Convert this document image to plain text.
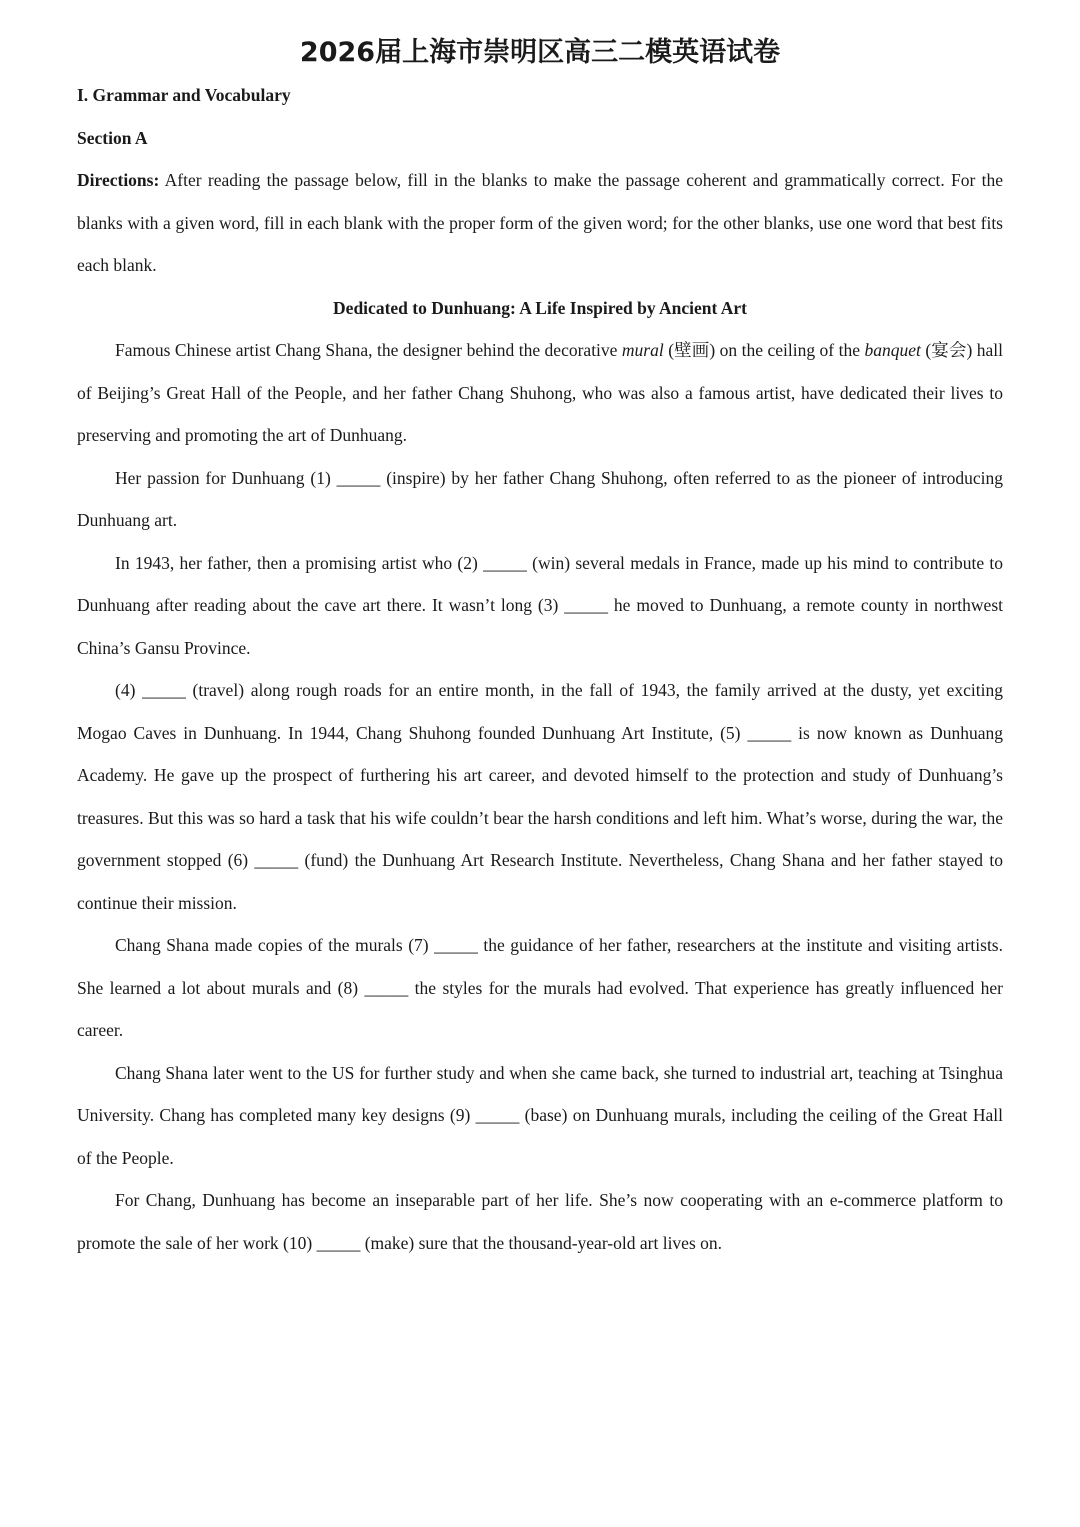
2026届上海市崇明区高三二模英语试卷

I. Grammar and Vocabulary

Section A

Directions: After reading the passage below, fill in the blanks to make the passage coherent and grammatically correct. For the blanks with a given word, fill in each blank with the proper form of the given word; for the other blanks, use one word that best fits each blank.

Dedicated to Dunhuang: A Life Inspired by Ancient Art

Famous Chinese artist Chang Shana, the designer behind the decorative mural (壁画) on the ceiling of the banquet (宴会) hall of Beijing’s Great Hall of the People, and her father Chang Shuhong, who was also a famous artist, have dedicated their lives to preserving and promoting the art of Dunhuang.

Her passion for Dunhuang (1) _____ (inspire) by her father Chang Shuhong, often referred to as the pioneer of introducing Dunhuang art.

In 1943, her father, then a promising artist who (2) _____ (win) several medals in France, made up his mind to contribute to Dunhuang after reading about the cave art there. It wasn’t long (3) _____ he moved to Dunhuang, a remote county in northwest China’s Gansu Province.

(4) _____ (travel) along rough roads for an entire month, in the fall of 1943, the family arrived at the dusty, yet exciting Mogao Caves in Dunhuang. In 1944, Chang Shuhong founded Dunhuang Art Institute, (5) _____ is now known as Dunhuang Academy. He gave up the prospect of furthering his art career, and devoted himself to the protection and study of Dunhuang’s treasures. But this was so hard a task that his wife couldn’t bear the harsh conditions and left him. What’s worse, during the war, the government stopped (6) _____ (fund) the Dunhuang Art Research Institute. Nevertheless, Chang Shana and her father stayed to continue their mission.

Chang Shana made copies of the murals (7) _____ the guidance of her father, researchers at the institute and visiting artists. She learned a lot about murals and (8) _____ the styles for the murals had evolved. That experience has greatly influenced her career.

Chang Shana later went to the US for further study and when she came back, she turned to industrial art, teaching at Tsinghua University. Chang has completed many key designs (9) _____ (base) on Dunhuang murals, including the ceiling of the Great Hall of the People.

For Chang, Dunhuang has become an inseparable part of her life. She’s now cooperating with an e-commerce platform to promote the sale of her work (10) _____ (make) sure that the thousand-year-old art lives on.
